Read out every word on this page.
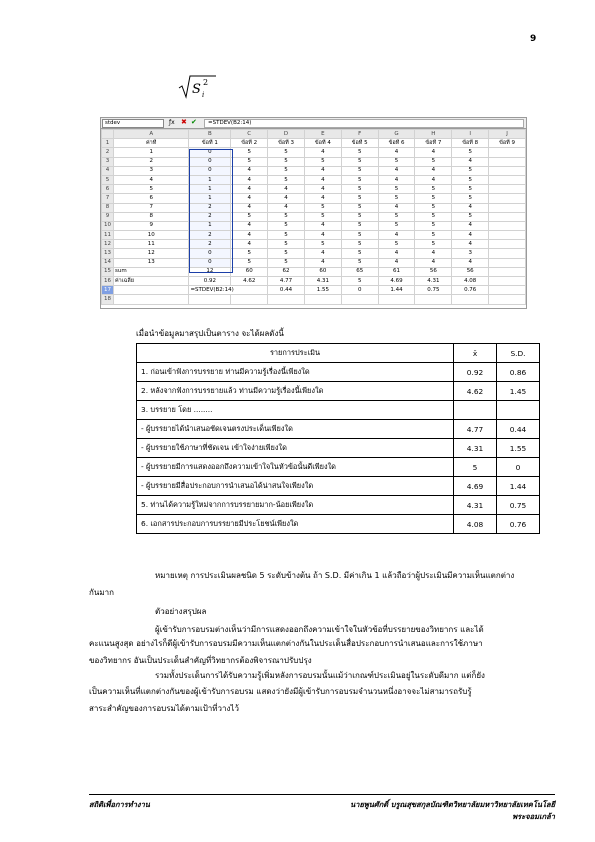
9
S i
2
stdev	ƒx ✖ ✔	=STDEV(B2:14)
	A	B	C	D	E	F	G	H	I	J
1	ค่าที่	ข้อที่ 1	ข้อที่ 2	ข้อที่ 3	ข้อที่ 4	ข้อที่ 5	ข้อที่ 6	ข้อที่ 7	ข้อที่ 8	ข้อที่ 9
2	1	0	5	5	4	5	4	4	5	
3	2	0	5	5	5	5	5	5	4	
4	3	0	4	5	4	5	4	4	5	
5	4	1	4	5	4	5	4	4	5	
6	5	1	4	4	4	5	5	5	5	
7	6	1	4	4	4	5	5	5	5	
8	7	2	4	4	5	5	4	5	4	
9	8	2	5	5	5	5	5	5	5	
10	9	1	4	5	4	5	5	5	4	
11	10	2	4	5	4	5	4	5	4	
12	11	2	4	5	5	5	5	5	4	
13	12	0	5	5	4	5	4	4	3	
14	13	0	5	5	4	5	4	4	4	
15	sum	12	60	62	60	65	61	56	56	
16	ค่าเฉลี่ย	0.92	4.62	4.77	4.31	5	4.69	4.31	4.08	
17		=STDEV(B2:14)		0.44	1.55	0	1.44	0.75	0.76	
18										
เมื่อนำข้อมูลมาสรุปเป็นตาราง จะได้ผลดังนี้
รายการประเมิน	x̄	S.D.
1. ก่อนเข้าฟังการบรรยาย ท่านมีความรู้เรื่องนี้เพียงใด	0.92	0.86
2. หลังจากฟังการบรรยายแล้ว ท่านมีความรู้เรื่องนี้เพียงใด	4.62	1.45
3. บรรยาย โดย ........		
- ผู้บรรยายได้นำเสนอชัดเจนตรงประเด็นเพียงใด	4.77	0.44
- ผู้บรรยายใช้ภาษาที่ชัดเจน เข้าใจง่ายเพียงใด	4.31	1.55
- ผู้บรรยายมีการแสดงออกถึงความเข้าใจในหัวข้อนั้นดีเพียงใด	5	0
- ผู้บรรยายมีสื่อประกอบการนำเสนอได้น่าสนใจเพียงใด	4.69	1.44
5. ท่านได้ความรู้ใหม่จากการบรรยายมาก-น้อยเพียงใด	4.31	0.75
6. เอกสารประกอบการบรรยายมีประโยชน์เพียงใด	4.08	0.76
หมายเหตุ การประเมินผลชนิด 5 ระดับข้างต้น ถ้า S.D. มีค่าเกิน 1 แล้วถือว่าผู้ประเมินมีความเห็นแตกต่าง
กันมาก
ตัวอย่างสรุปผล
ผู้เข้ารับการอบรมต่างเห็นว่ามีการแสดงออกถึงความเข้าใจในหัวข้อที่บรรยายของวิทยากร และได้
คะแนนสูงสุด อย่างไรก็ดีผู้เข้ารับการอบรมมีความเห็นแตกต่างกันในประเด็นสื่อประกอบการนำเสนอและการใช้ภาษา
ของวิทยากร อันเป็นประเด็นสำคัญที่วิทยากรต้องพิจารณาปรับปรุง
รวมทั้งประเด็นการได้รับความรู้เพิ่มหลังการอบรมนั้นแม้ว่าเกณฑ์ประเมินอยู่ในระดับดีมาก แต่ก็ยัง
เป็นความเห็นที่แตกต่างกันของผู้เข้ารับการอบรม แสดงว่ายังมีผู้เข้ารับการอบรมจำนวนหนึ่งอาจจะไม่สามารถรับรู้
สาระสำคัญของการอบรมได้ตามเป้าที่วางไว้
สถิติเพื่อการทำงาน	นายพูนศักดิ์ บรูณสุขสกุลบัณฑิตวิทยาลัยมหาวิทยาลัยเทคโนโลยีพระจอมเกล้า
